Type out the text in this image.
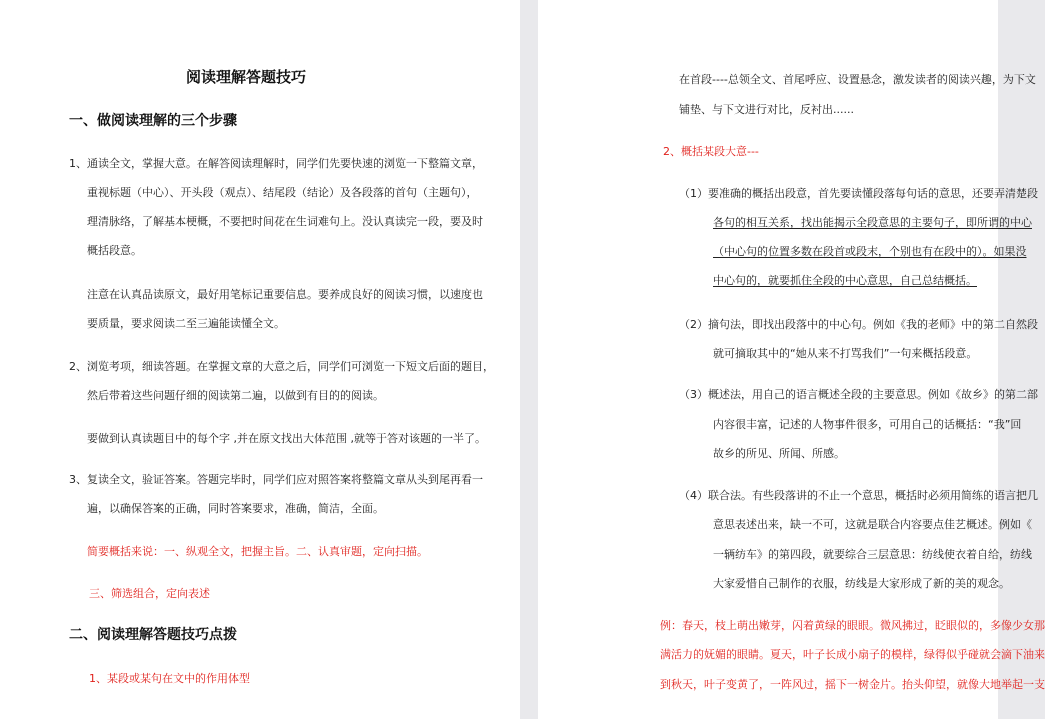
阅读理解答题技巧
一、做阅读理解的三个步骤
1、通读全文，掌握大意。在解答阅读理解时，同学们先要快速的浏览一下整篇文章，
重视标题（中心）、开头段（观点）、结尾段（结论）及各段落的首句（主题句），
理清脉络，了解基本梗概，不要把时间花在生词难句上。没认真读完一段，要及时
概括段意。
注意在认真品读原文，最好用笔标记重要信息。要养成良好的阅读习惯，以速度也
要质量，要求阅读二至三遍能读懂全文。
2、浏览考项，细读答题。在掌握文章的大意之后，同学们可浏览一下短文后面的题目，
然后带着这些问题仔细的阅读第二遍，以做到有目的的阅读。
要做到认真读题目中的每个字 ,并在原文找出大体范围 ,就等于答对该题的一半了。
3、复读全文，验证答案。答题完毕时，同学们应对照答案将整篇文章从头到尾再看一
遍，以确保答案的正确，同时答案要求，准确，简洁，全面。
简要概括来说：一、纵观全文，把握主旨。二、认真审题，定向扫描。
三、筛选组合，定向表述
二、阅读理解答题技巧点拨
1、某段或某句在文中的作用体型
在首段----总领全文、首尾呼应、设置悬念，激发读者的阅读兴趣，为下文
铺垫、与下文进行对比，反衬出......
2、概括某段大意---
（1）要准确的概括出段意，首先要读懂段落每句话的意思，还要弄清楚段
各句的相互关系，找出能揭示全段意思的主要句子，即所谓的中心
（中心句的位置多数在段首或段末，个别也有在段中的）。如果没
中心句的，就要抓住全段的中心意思，自己总结概括。
（2）摘句法，即找出段落中的中心句。例如《我的老师》中的第二自然段
就可摘取其中的“她从来不打骂我们”一句来概括段意。
（3）概述法，用自己的语言概述全段的主要意思。例如《故乡》的第二部
内容很丰富，记述的人物事件很多，可用自己的话概括：“我”回
故乡的所见、所闻、所感。
（4）联合法。有些段落讲的不止一个意思，概括时必须用简练的语言把几
意思表述出来，缺一不可，这就是联合内容要点佳艺概述。例如《
一辆纺车》的第四段，就要综合三层意思：纺线使衣着自给，纺线
大家爱惜自己制作的衣服，纺线是大家形成了新的美的观念。
例：春天，枝上萌出嫩芽，闪着黄绿的眼眼。微风拂过，眨眼似的，多像少女那
满活力的妩媚的眼睛。夏天，叶子长成小扇子的模样，绿得似乎碰就会滴下油来
到秋天，叶子变黄了，一阵风过，摇下一树金片。抬头仰望，就像大地举起一支
